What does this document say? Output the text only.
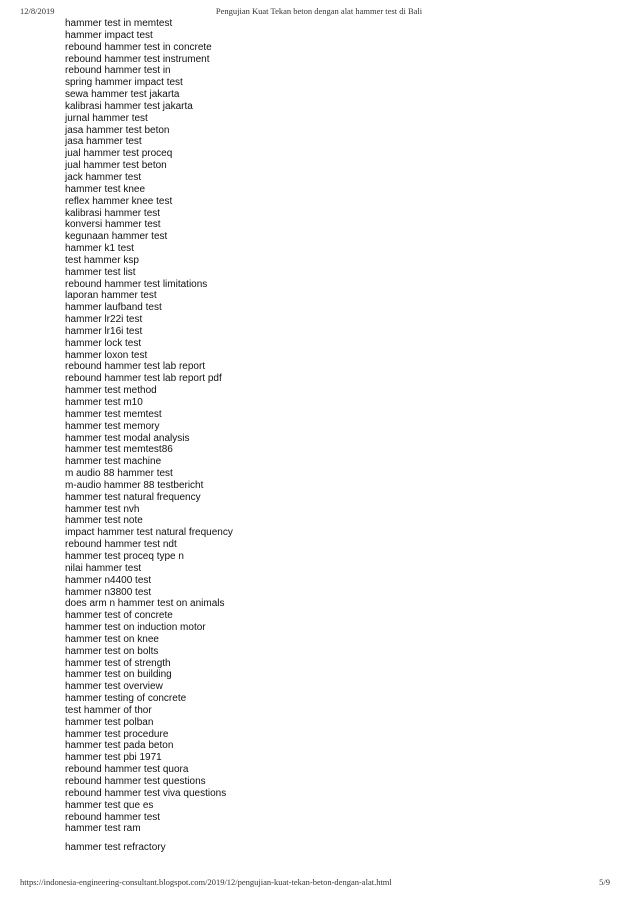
12/8/2019	Pengujian Kuat Tekan beton dengan alat hammer test di Bali
hammer test in memtest
hammer impact test
rebound hammer test in concrete
rebound hammer test instrument
rebound hammer test in
spring hammer impact test
sewa hammer test jakarta
kalibrasi hammer test jakarta
jurnal hammer test
jasa hammer test beton
jasa hammer test
jual hammer test proceq
jual hammer test beton
jack hammer test
hammer test knee
reflex hammer knee test
kalibrasi hammer test
konversi hammer test
kegunaan hammer test
hammer k1 test
test hammer ksp
hammer test list
rebound hammer test limitations
laporan hammer test
hammer laufband test
hammer lr22i test
hammer lr16i test
hammer lock test
hammer loxon test
rebound hammer test lab report
rebound hammer test lab report pdf
hammer test method
hammer test m10
hammer test memtest
hammer test memory
hammer test modal analysis
hammer test memtest86
hammer test machine
m audio 88 hammer test
m-audio hammer 88 testbericht
hammer test natural frequency
hammer test nvh
hammer test note
impact hammer test natural frequency
rebound hammer test ndt
hammer test proceq type n
nilai hammer test
hammer n4400 test
hammer n3800 test
does arm n hammer test on animals
hammer test of concrete
hammer test on induction motor
hammer test on knee
hammer test on bolts
hammer test of strength
hammer test on building
hammer test overview
hammer testing of concrete
test hammer of thor
hammer test polban
hammer test procedure
hammer test pada beton
hammer test pbi 1971
rebound hammer test quora
rebound hammer test questions
rebound hammer test viva questions
hammer test que es
rebound hammer test
hammer test ram
hammer test refractory
https://indonesia-engineering-consultant.blogspot.com/2019/12/pengujian-kuat-tekan-beton-dengan-alat.html	5/9
